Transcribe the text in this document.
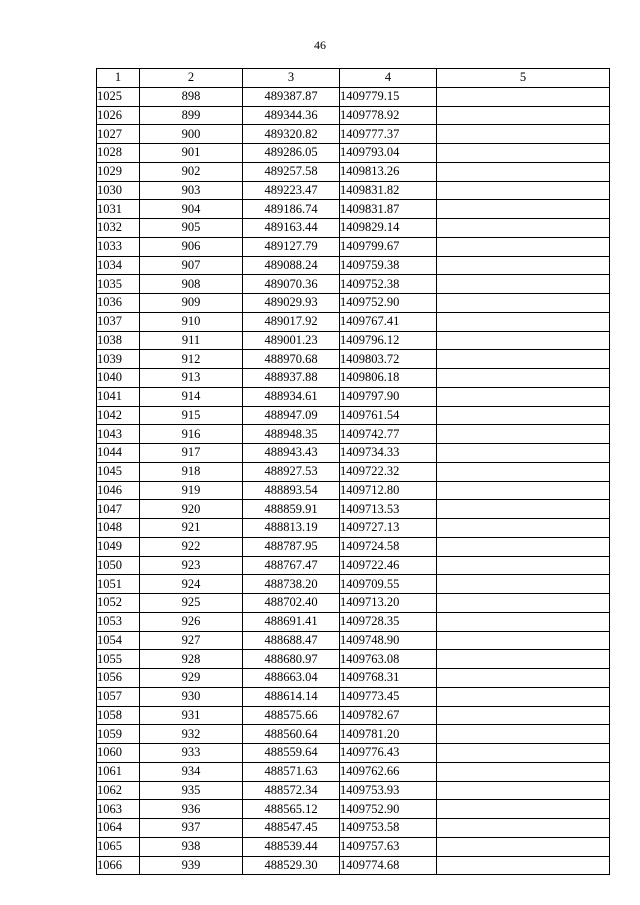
46
1	2	3	4	5
1025	898	489387.87	1409779.15	
1026	899	489344.36	1409778.92	
1027	900	489320.82	1409777.37	
1028	901	489286.05	1409793.04	
1029	902	489257.58	1409813.26	
1030	903	489223.47	1409831.82	
1031	904	489186.74	1409831.87	
1032	905	489163.44	1409829.14	
1033	906	489127.79	1409799.67	
1034	907	489088.24	1409759.38	
1035	908	489070.36	1409752.38	
1036	909	489029.93	1409752.90	
1037	910	489017.92	1409767.41	
1038	911	489001.23	1409796.12	
1039	912	488970.68	1409803.72	
1040	913	488937.88	1409806.18	
1041	914	488934.61	1409797.90	
1042	915	488947.09	1409761.54	
1043	916	488948.35	1409742.77	
1044	917	488943.43	1409734.33	
1045	918	488927.53	1409722.32	
1046	919	488893.54	1409712.80	
1047	920	488859.91	1409713.53	
1048	921	488813.19	1409727.13	
1049	922	488787.95	1409724.58	
1050	923	488767.47	1409722.46	
1051	924	488738.20	1409709.55	
1052	925	488702.40	1409713.20	
1053	926	488691.41	1409728.35	
1054	927	488688.47	1409748.90	
1055	928	488680.97	1409763.08	
1056	929	488663.04	1409768.31	
1057	930	488614.14	1409773.45	
1058	931	488575.66	1409782.67	
1059	932	488560.64	1409781.20	
1060	933	488559.64	1409776.43	
1061	934	488571.63	1409762.66	
1062	935	488572.34	1409753.93	
1063	936	488565.12	1409752.90	
1064	937	488547.45	1409753.58	
1065	938	488539.44	1409757.63	
1066	939	488529.30	1409774.68	
